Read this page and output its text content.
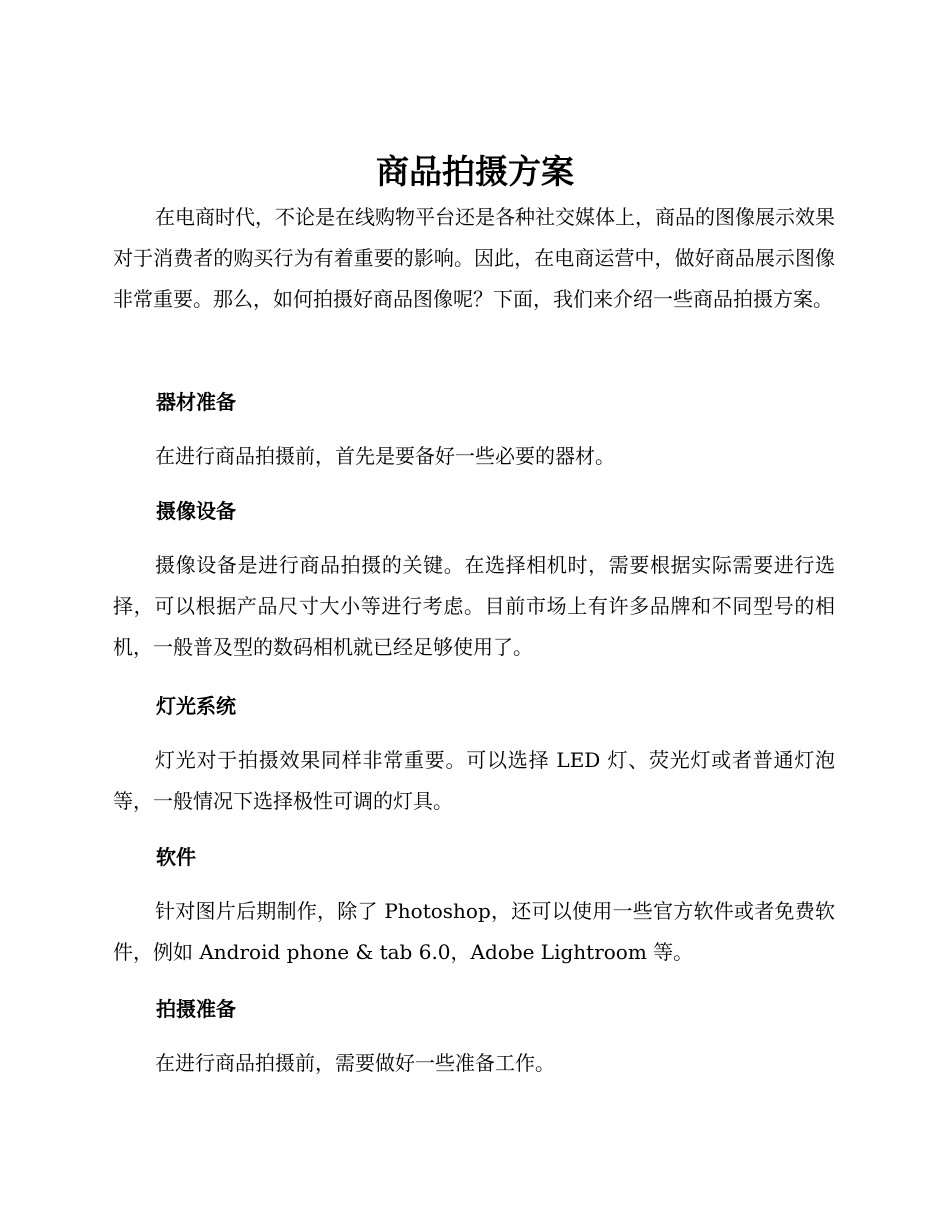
商品拍摄方案

在电商时代，不论是在线购物平台还是各种社交媒体上，商品的图像展示效果对于消费者的购买行为有着重要的影响。因此，在电商运营中，做好商品展示图像非常重要。那么，如何拍摄好商品图像呢？下面，我们来介绍一些商品拍摄方案。

器材准备

在进行商品拍摄前，首先是要备好一些必要的器材。

摄像设备

摄像设备是进行商品拍摄的关键。在选择相机时，需要根据实际需要进行选择，可以根据产品尺寸大小等进行考虑。目前市场上有许多品牌和不同型号的相机，一般普及型的数码相机就已经足够使用了。

灯光系统

灯光对于拍摄效果同样非常重要。可以选择 LED 灯、荧光灯或者普通灯泡等，一般情况下选择极性可调的灯具。

软件

针对图片后期制作，除了 Photoshop，还可以使用一些官方软件或者免费软件，例如 Android phone & tab 6.0，Adobe Lightroom 等。

拍摄准备

在进行商品拍摄前，需要做好一些准备工作。
